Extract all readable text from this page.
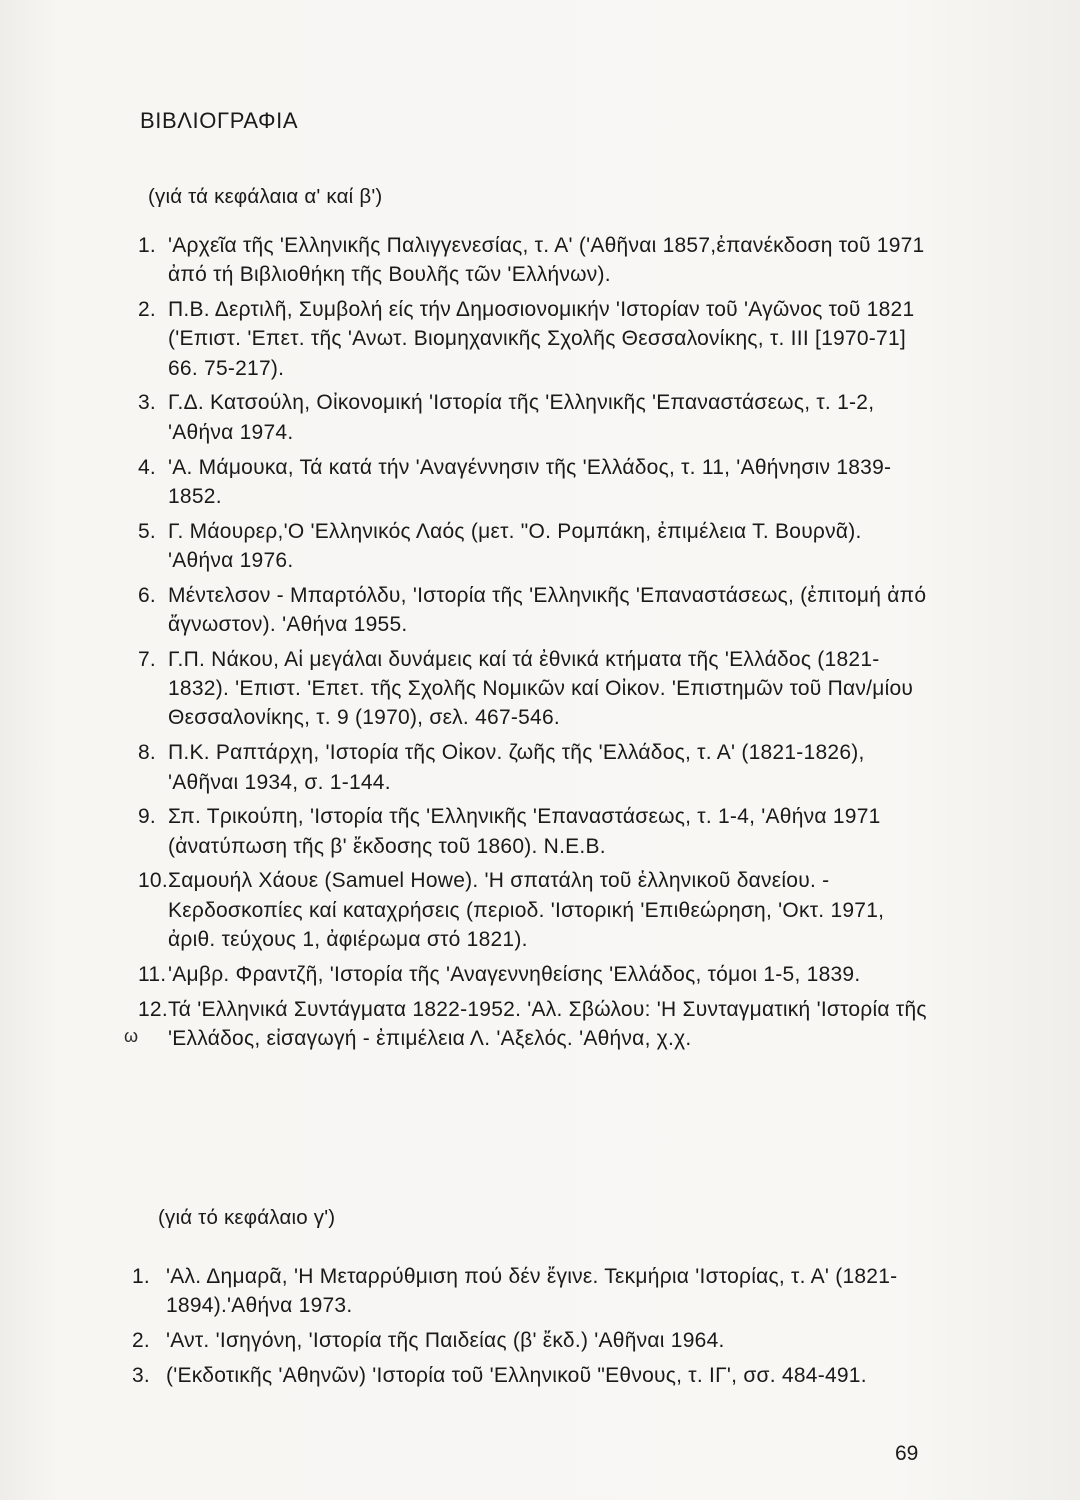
ΒΙΒΛΙΟΓΡΑΦΙΑ
(γιά τά κεφάλαια α' καί β')
1. 'Αρχεῖα τῆς 'Ελληνικῆς Παλιγγενεσίας, τ. Α' ('Αθῆναι 1857,ἐπανέκδοση τοῦ 1971 ἀπό τή Βιβλιοθήκη τῆς Βουλῆς τῶν 'Ελλήνων).
2. Π.Β. Δερτιλῆ, Συμβολή είς τήν Δημοσιονομικήν 'Ιστορίαν τοῦ 'Αγῶνος τοῦ 1821 ('Επιστ. 'Επετ. τῆς 'Ανωτ. Βιομηχανικῆς Σχολῆς Θεσσαλονίκης, τ. ΙΙΙ [1970-71] 66. 75-217).
3. Γ.Δ. Κατσούλη, Οἰκονομική 'Ιστορία τῆς 'Ελληνικῆς 'Επαναστάσεως, τ. 1-2, 'Αθήνα 1974.
4. 'Α. Μάμουκα, Τά κατά τήν 'Αναγέννησιν τῆς 'Ελλάδος, τ. 11, 'Αθήνησιν 1839-1852.
5. Γ. Μάουρερ,'Ο 'Ελληνικός Λαός (μετ. "Ο. Ρομπάκη, ἐπιμέλεια Τ. Βουρνᾶ). 'Αθήνα 1976.
6. Μέντελσον - Μπαρτόλδυ, 'Ιστορία τῆς 'Ελληνικῆς 'Επαναστάσεως, (ἐπιτομή ἀπό ἄγνωστον). 'Αθήνα 1955.
7. Γ.Π. Νάκου, Αἱ μεγάλαι δυνάμεις καί τά ἐθνικά κτήματα τῆς 'Ελλάδος (1821-1832). 'Επιστ. 'Επετ. τῆς Σχολῆς Νομικῶν καί Οἰκον. 'Επιστημῶν τοῦ Παν/μίου Θεσσαλονίκης, τ. 9 (1970), σελ. 467-546.
8. Π.Κ. Ραπτάρχη, 'Ιστορία τῆς Οἰκον. ζωῆς τῆς 'Ελλάδος, τ. Α' (1821-1826), 'Αθῆναι 1934, σ. 1-144.
9. Σπ. Τρικούπη, 'Ιστορία τῆς 'Ελληνικῆς 'Επαναστάσεως, τ. 1-4, 'Αθήνα 1971 (ἀνατύπωση τῆς β' ἔκδοσης τοῦ 1860). Ν.Ε.Β.
10. Σαμουήλ Χάουε (Samuel Howe). 'Η σπατάλη τοῦ ἑλληνικοῦ δανείου. - Κερδοσκοπίες καί καταχρήσεις (περιοδ. 'Ιστορική 'Επιθεώρηση, 'Οκτ. 1971, ἀριθ. τεύχους 1, ἀφιέρωμα στό 1821).
11. 'Αμβρ. Φραντζῆ, 'Ιστορία τῆς 'Αναγεννηθείσης 'Ελλάδος, τόμοι 1-5, 1839.
12. Τά 'Ελληνικά Συντάγματα 1822-1952. 'Αλ. Σβώλου: 'Η Συνταγματική 'Ιστορία τῆς 'Ελλάδος, εἰσαγωγή - ἐπιμέλεια Λ. 'Αξελός. 'Αθήνα, χ.χ.
ω
(γιά τό κεφάλαιο γ')
1. 'Αλ. Δημαρᾶ, 'Η Μεταρρύθμιση πού δέν ἔγινε. Τεκμήρια 'Ιστορίας, τ. Α' (1821-1894).'Αθήνα 1973.
2. 'Αντ. 'Ισηγόνη, 'Ιστορία τῆς Παιδείας (β' ἔκδ.) 'Αθῆναι 1964.
3. ('Εκδοτικῆς 'Αθηνῶν) 'Ιστορία τοῦ 'Ελληνικοῦ "Εθνους, τ. ΙΓ', σσ. 484-491.
69
